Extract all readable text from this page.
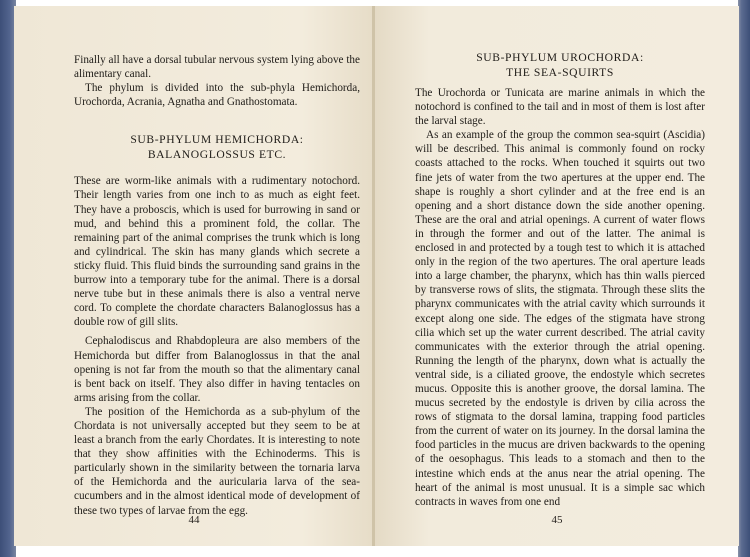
Finally all have a dorsal tubular nervous system lying above the alimentary canal.

The phylum is divided into the sub-phyla Hemichorda, Urochorda, Acrania, Agnatha and Gnathostomata.

SUB-PHYLUM HEMICHORDA:
BALANOGLOSSUS ETC.

These are worm-like animals with a rudimentary notochord. Their length varies from one inch to as much as eight feet. They have a proboscis, which is used for burrowing in sand or mud, and behind this a prominent fold, the collar. The remaining part of the animal comprises the trunk which is long and cylindrical. The skin has many glands which secrete a sticky fluid. This fluid binds the surrounding sand grains in the burrow into a temporary tube for the animal. There is a dorsal nerve tube but in these animals there is also a ventral nerve cord. To complete the chordate characters Balanoglossus has a double row of gill slits.

Cephalodiscus and Rhabdopleura are also members of the Hemichorda but differ from Balanoglossus in that the anal opening is not far from the mouth so that the alimentary canal is bent back on itself. They also differ in having tentacles on arms arising from the collar.

The position of the Hemichorda as a sub-phylum of the Chordata is not universally accepted but they seem to be at least a branch from the early Chordates. It is interesting to note that they show affinities with the Echinoderms. This is particularly shown in the similarity between the tornaria larva of the Hemichorda and the auricularia larva of the sea-cucumbers and in the almost identical mode of development of these two types of larvae from the egg.

44
SUB-PHYLUM UROCHORDA:
THE SEA-SQUIRTS

The Urochorda or Tunicata are marine animals in which the notochord is confined to the tail and in most of them is lost after the larval stage.

As an example of the group the common sea-squirt (Ascidia) will be described. This animal is commonly found on rocky coasts attached to the rocks. When touched it squirts out two fine jets of water from the two apertures at the upper end. The shape is roughly a short cylinder and at the free end is an opening and a short distance down the side another opening. These are the oral and atrial openings. A current of water flows in through the former and out of the latter. The animal is enclosed in and protected by a tough test to which it is attached only in the region of the two apertures. The oral aperture leads into a large chamber, the pharynx, which has thin walls pierced by transverse rows of slits, the stigmata. Through these slits the pharynx communicates with the atrial cavity which surrounds it except along one side. The edges of the stigmata have strong cilia which set up the water current described. The atrial cavity communicates with the exterior through the atrial opening. Running the length of the pharynx, down what is actually the ventral side, is a ciliated groove, the endostyle which secretes mucus. Opposite this is another groove, the dorsal lamina. The mucus secreted by the endostyle is driven by cilia across the rows of stigmata to the dorsal lamina, trapping food particles from the current of water on its journey. In the dorsal lamina the food particles in the mucus are driven backwards to the opening of the oesophagus. This leads to a stomach and then to the intestine which ends at the anus near the atrial opening. The heart of the animal is most unusual. It is a simple sac which contracts in waves from one end

45
